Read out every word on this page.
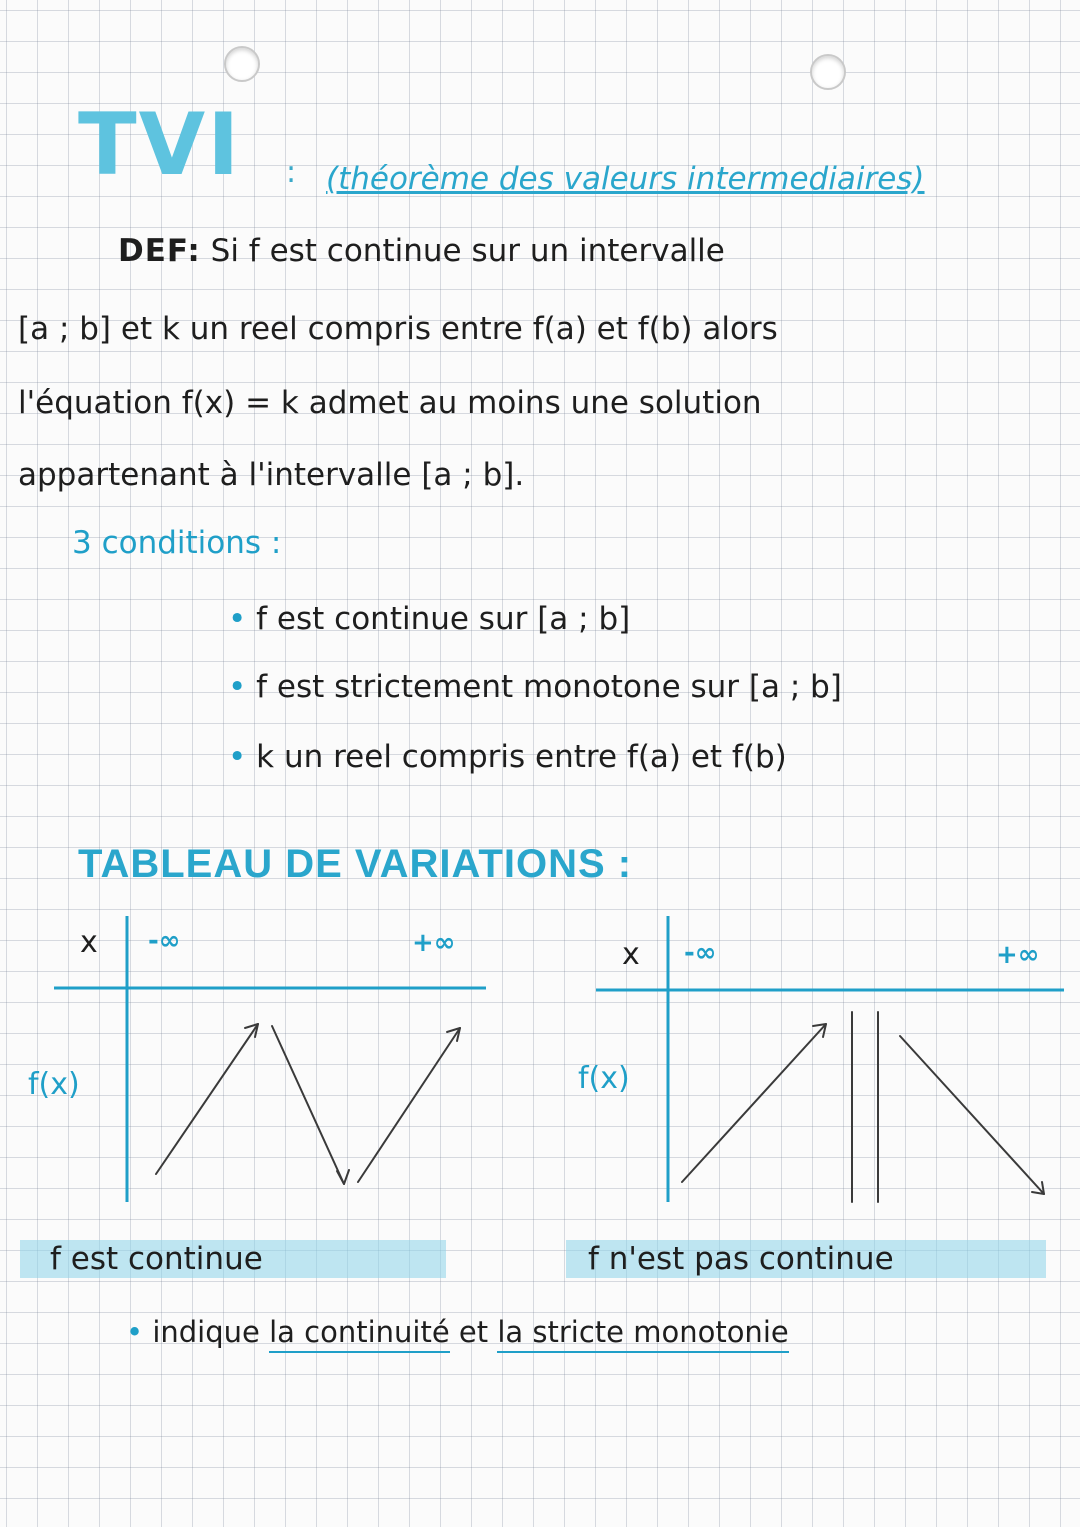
TVI : (théorème des valeurs intermediaires)
DEF: Si f est continue sur un intervalle
[a ; b] et k un reel compris entre f(a) et f(b) alors
l'équation f(x) = k admet au moins une solution
appartenant à l'intervalle [a ; b].
3 conditions :
• f est continue sur [a ; b]
• f est strictement monotone sur [a ; b]
• k un reel compris entre f(a) et f(b)
TABLEAU DE VARIATIONS :
x -∞	+∞
f(x)
x -∞	+∞
f(x)
f est continue	f n'est pas continue
• indique la continuité et la stricte monotonie
